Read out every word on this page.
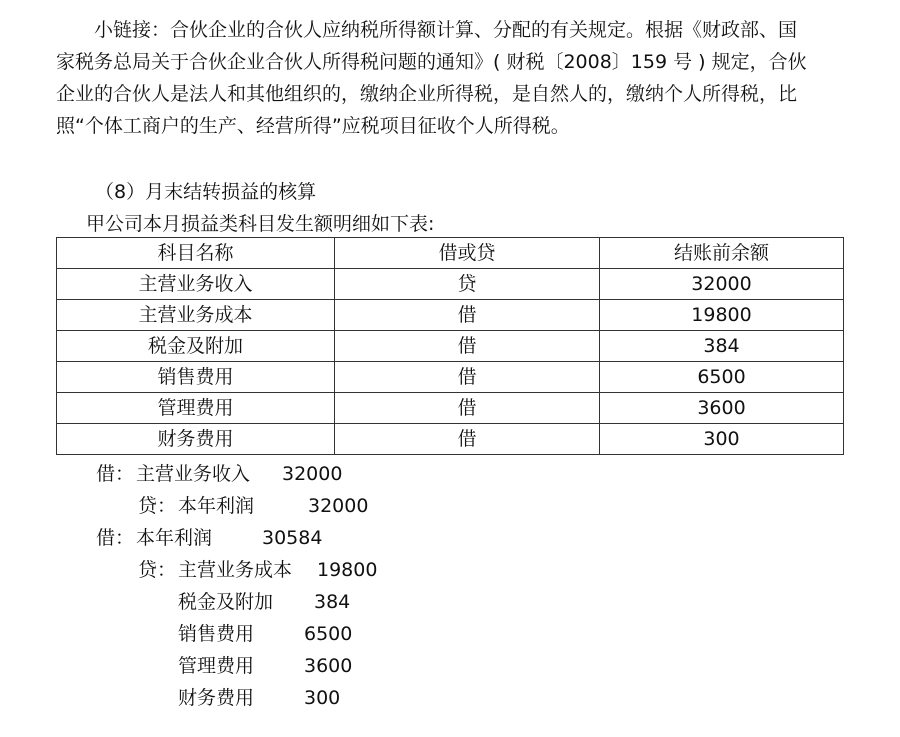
小链接：合伙企业的合伙人应纳税所得额计算、分配的有关规定。根据《财政部、国
家税务总局关于合伙企业合伙人所得税问题的通知》( 财税〔2008〕159 号 ) 规定，合伙
企业的合伙人是法人和其他组织的，缴纳企业所得税，是自然人的，缴纳个人所得税，比
照“个体工商户的生产、经营所得”应税项目征收个人所得税。
（8）月末结转损益的核算
甲公司本月损益类科目发生额明细如下表:
科目名称	借或贷	结账前余额
主营业务收入	贷	32000
主营业务成本	借	19800
税金及附加	借	384
销售费用	借	6500
管理费用	借	3600
财务费用	借	300
借： 主营业务收入 32000
贷： 本年利润	32000
借： 本年利润	30584
贷： 主营业务成本 19800
税金及附加 384
销售费用	6500
管理费用	3600
财务费用	300
